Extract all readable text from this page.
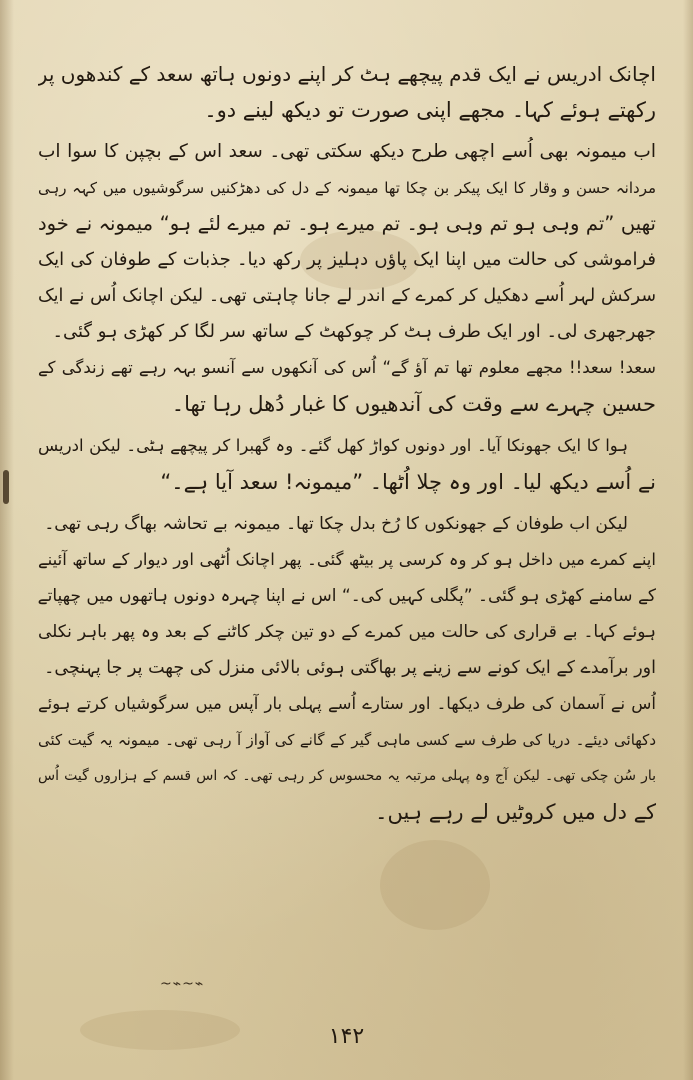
اچانک ادریس نے ایک قدم پیچھے ہٹ کر اپنے دونوں ہاتھ سعد کے کندھوں پر
رکھتے ہوئے کہا۔ مجھے اپنی صورت تو دیکھ لینے دو۔
اب میمونہ بھی اُسے اچھی طرح دیکھ سکتی تھی۔ سعد اس کے بچپن کا سوا اب
مردانہ حسن و وقار کا ایک پیکر بن چکا تھا میمونہ کے دل کی دھڑکنیں سرگوشیوں میں کہہ رہی
تھیں ”تم وہی ہو تم وہی ہو۔ تم میرے ہو۔ تم میرے لئے ہو“ میمونہ نے خود
فراموشی کی حالت میں اپنا ایک پاؤں دہلیز پر رکھ دیا۔ جذبات کے طوفان کی ایک
سرکش لہر اُسے دھکیل کر کمرے کے اندر لے جانا چاہتی تھی۔ لیکن اچانک اُس نے ایک
جھرجھری لی۔ اور ایک طرف ہٹ کر چوکھٹ کے ساتھ سر لگا کر کھڑی ہو گئی۔
سعد! سعد!! مجھے معلوم تھا تم آؤ گے“ اُس کی آنکھوں سے آنسو بہہ رہے تھے زندگی کے
حسین چہرے سے وقت کی آندھیوں کا غبار دُھل رہا تھا۔
ہوا کا ایک جھونکا آیا۔ اور دونوں کواڑ کھل گئے۔ وہ گھبرا کر پیچھے ہٹی۔ لیکن ادریس
نے اُسے دیکھ لیا۔ اور وہ چلا اُٹھا۔ ”میمونہ! سعد آیا ہے۔“
لیکن اب طوفان کے جھونکوں کا رُخ بدل چکا تھا۔ میمونہ بے تحاشہ بھاگ رہی تھی۔
اپنے کمرے میں داخل ہو کر وہ کرسی پر بیٹھ گئی۔ پھر اچانک اُٹھی اور دیوار کے ساتھ آئینے
کے سامنے کھڑی ہو گئی۔ ”پگلی کہیں کی۔“ اس نے اپنا چہرہ دونوں ہاتھوں میں چھپاتے
ہوئے کہا۔ بے قراری کی حالت میں کمرے کے دو تین چکر کاٹنے کے بعد وہ پھر باہر نکلی
اور برآمدے کے ایک کونے سے زینے پر بھاگتی ہوئی بالائی منزل کی چھت پر جا پہنچی۔
اُس نے آسمان کی طرف دیکھا۔ اور ستارے اُسے پہلی بار آپس میں سرگوشیاں کرتے ہوئے
دکھائی دیئے۔ دریا کی طرف سے کسی ماہی گیر کے گانے کی آواز آ رہی تھی۔ میمونہ یہ گیت کئی
بار سُن چکی تھی۔ لیکن آج وہ پہلی مرتبہ یہ محسوس کر رہی تھی۔ کہ اس قسم کے ہزاروں گیت اُس
کے دل میں کروٹیں لے رہے ہیں۔
~⌁~⌁
۱۴۲
